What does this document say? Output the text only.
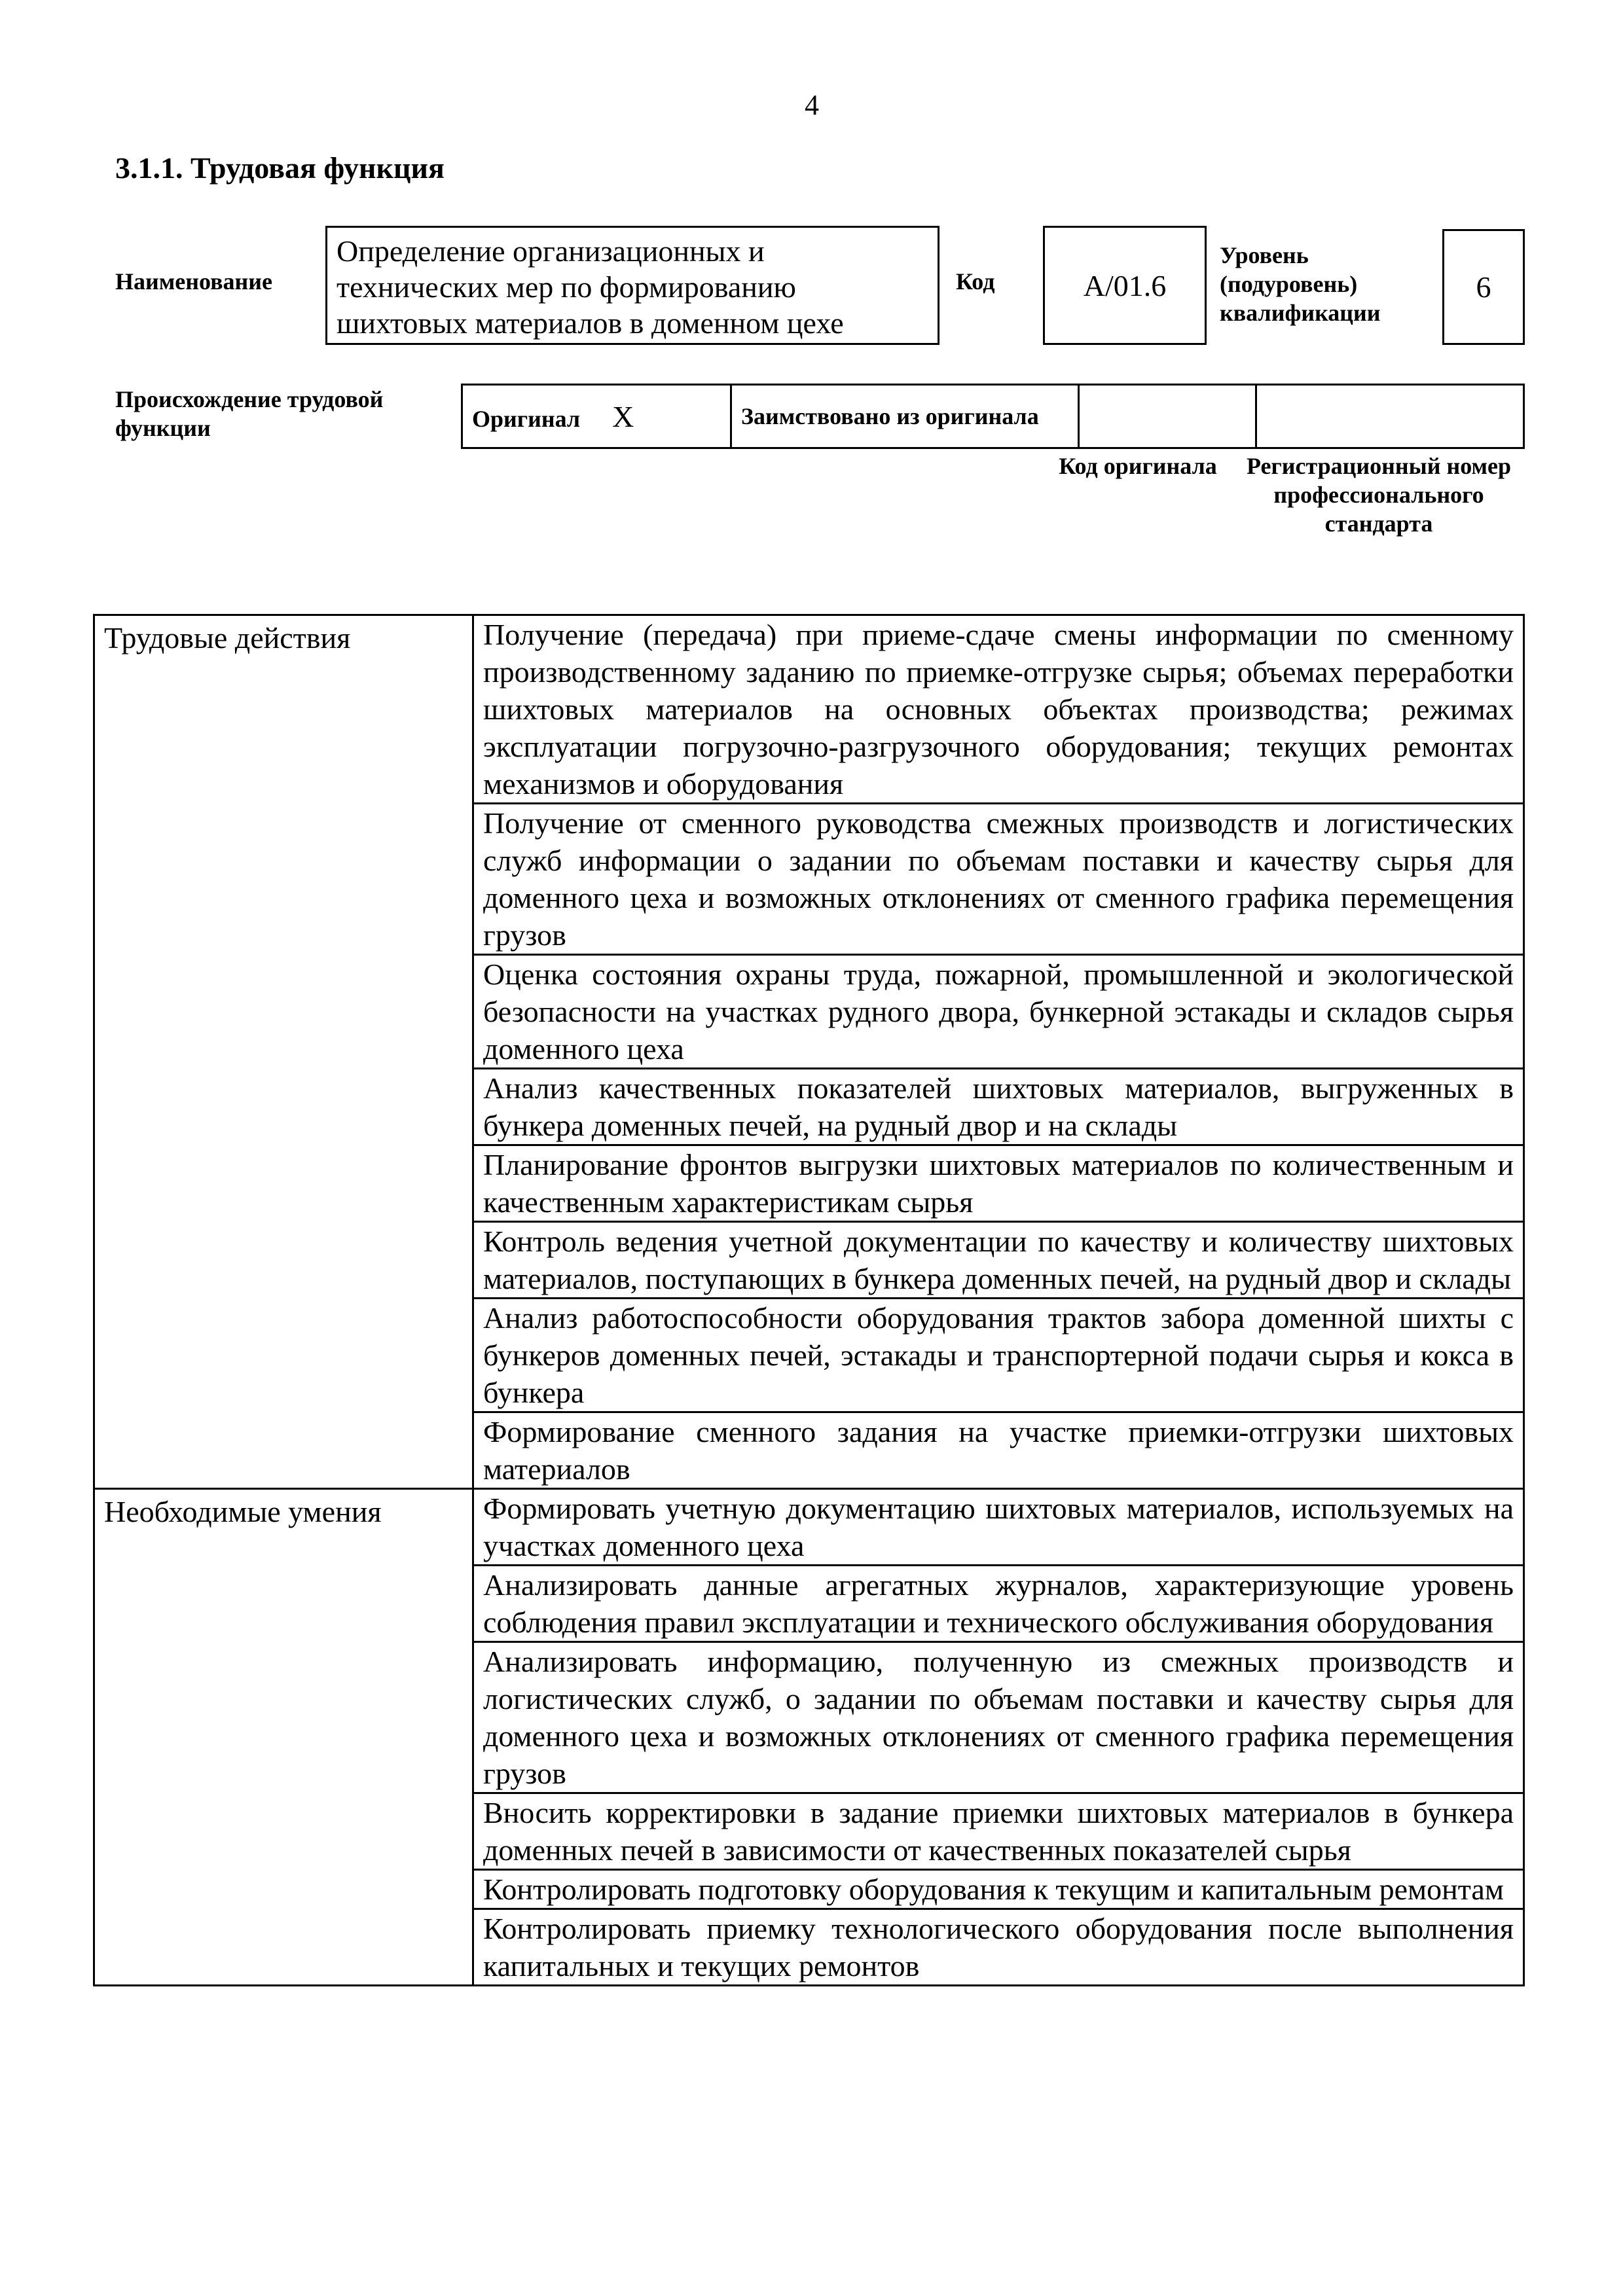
4
3.1.1. Трудовая функция
Наименование
Определение организационных и технических мер по формированию шихтовых материалов в доменном цехе
Код	А/01.6
Уровень (подуровень) квалификации
6
Происхождение трудовой функции	Оригинал Х	Заимствовано из оригинала		
Код оригинала	Регистрационный номер профессионального стандарта
Трудовые действия	Получение (передача) при приеме-сдаче смены информации по сменному производственному заданию по приемке-отгрузке сырья; объемах переработки шихтовых материалов на основных объектах производства; режимах эксплуатации погрузочно-разгрузочного оборудования; текущих ремонтах механизмов и оборудования
	Получение от сменного руководства смежных производств и логистических служб информации о задании по объемам поставки и качеству сырья для доменного цеха и возможных отклонениях от сменного графика перемещения грузов
	Оценка состояния охраны труда, пожарной, промышленной и экологической безопасности на участках рудного двора, бункерной эстакады и складов сырья доменного цеха
	Анализ качественных показателей шихтовых материалов, выгруженных в бункера доменных печей, на рудный двор и на склады
	Планирование фронтов выгрузки шихтовых материалов по количественным и качественным характеристикам сырья
	Контроль ведения учетной документации по качеству и количеству шихтовых материалов, поступающих в бункера доменных печей, на рудный двор и склады
	Анализ работоспособности оборудования трактов забора доменной шихты с бункеров доменных печей, эстакады и транспортерной подачи сырья и кокса в бункера
	Формирование сменного задания на участке приемки-отгрузки шихтовых материалов
Необходимые умения	Формировать учетную документацию шихтовых материалов, используемых на участках доменного цеха
	Анализировать данные агрегатных журналов, характеризующие уровень соблюдения правил эксплуатации и технического обслуживания оборудования
	Анализировать информацию, полученную из смежных производств и логистических служб, о задании по объемам поставки и качеству сырья для доменного цеха и возможных отклонениях от сменного графика перемещения грузов
	Вносить корректировки в задание приемки шихтовых материалов в бункера доменных печей в зависимости от качественных показателей сырья
	Контролировать подготовку оборудования к текущим и капитальным ремонтам
	Контролировать приемку технологического оборудования после выполнения капитальных и текущих ремонтов
